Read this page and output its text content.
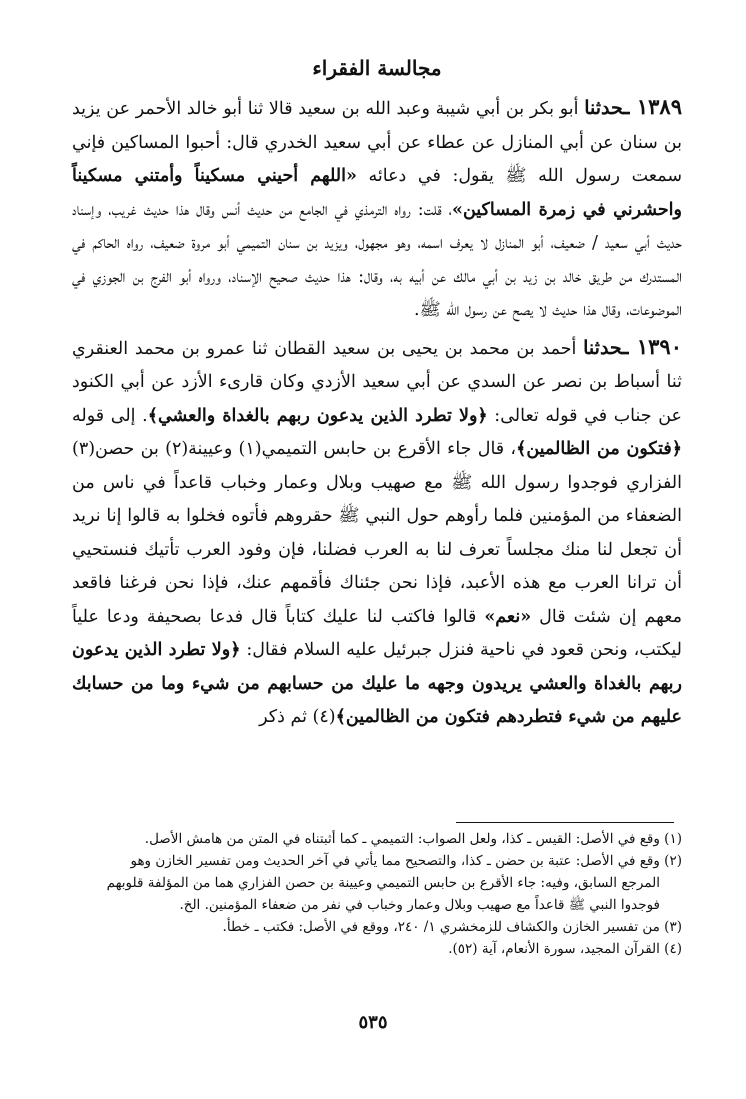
مجالسة الفقراء

١٣٨٩ ـحدثنا أبو بكر بن أبي شيبة وعبد الله بن سعيد قالا ثنا أبو خالد الأحمر عن يزيد بن سنان عن أبي المنازل عن عطاء عن أبي سعيد الخدري قال: أحبوا المساكين فإني سمعت رسول الله ﷺ يقول: في دعائه «اللهم أحيني مسكيناً وأمتني مسكيناً واحشرني في زمرة المساكين»، قلت: رواه الترمذي في الجامع من حديث أنس وقال هذا حديث غريب، وإسناد حديث أبي سعيد / ضعيف، أبو المنازل لا يعرف اسمه، وهو مجهول، ويزيد بن سنان التميمي أبو مروة ضعيف، رواه الحاكم في المستدرك من طريق خالد بن زيد بن أبي مالك عن أبيه به، وقال: هذا حديث صحيح الإسناد، ورواه أبو الفرج بن الجوزي في الموضوعات، وقال هذا حديث لا يصح عن رسول الله ﷺ.

١٣٩٠ ـحدثنا أحمد بن محمد بن يحيى بن سعيد القطان ثنا عمرو بن محمد العنقري ثنا أسباط بن نصر عن السدي عن أبي سعيد الأزدي وكان قارىء الأزد عن أبي الكنود عن جناب في قوله تعالى: ﴿ولا تطرد الذين يدعون ربهم بالغداة والعشي﴾. إلى قوله ﴿فتكون من الظالمين﴾، قال جاء الأقرع بن حابس التميمي(١) وعيينة(٢) بن حصن(٣) الفزاري فوجدوا رسول الله ﷺ مع صهيب وبلال وعمار وخباب قاعداً في ناس من الضعفاء من المؤمنين فلما رأوهم حول النبي ﷺ حقروهم فأتوه فخلوا به قالوا إنا نريد أن تجعل لنا منك مجلساً تعرف لنا به العرب فضلنا، فإن وفود العرب تأتيك فنستحيي أن ترانا العرب مع هذه الأعبد، فإذا نحن جئناك فأقمهم عنك، فإذا نحن فرغنا فاقعد معهم إن شئت قال «نعم» قالوا فاكتب لنا عليك كتاباً قال فدعا بصحيفة ودعا علياً ليكتب، ونحن قعود في ناحية فنزل جبرئيل عليه السلام فقال: ﴿ولا تطرد الذين يدعون ربهم بالغداة والعشي يريدون وجهه ما عليك من حسابهم من شيء وما من حسابك عليهم من شيء فتطردهم فتكون من الظالمين﴾(٤) ثم ذكر

(١) وقع في الأصل: القيس ـ كذا، ولعل الصواب: التميمي ـ كما أثبتناه في المتن من هامش الأصل.

(٢) وقع في الأصل: عتبة بن حضن ـ كذا، والتصحيح مما يأتي في آخر الحديث ومن تفسير الخازن وهو

المرجع السابق، وفيه: جاء الأقرع بن حابس التميمي وعيينة بن حصن الفزاري هما من المؤلفة قلوبهم

فوجدوا النبي ﷺ قاعداً مع صهيب وبلال وعمار وخباب في نفر من ضعفاء المؤمنين. الخ.

(٣) من تفسير الخازن والكشاف للزمخشري ١/ ٢٤٠، ووقع في الأصل: فكتب ـ خطأ.

(٤) القرآن المجيد، سورة الأنعام، آية (٥٢).

٥٣٥
